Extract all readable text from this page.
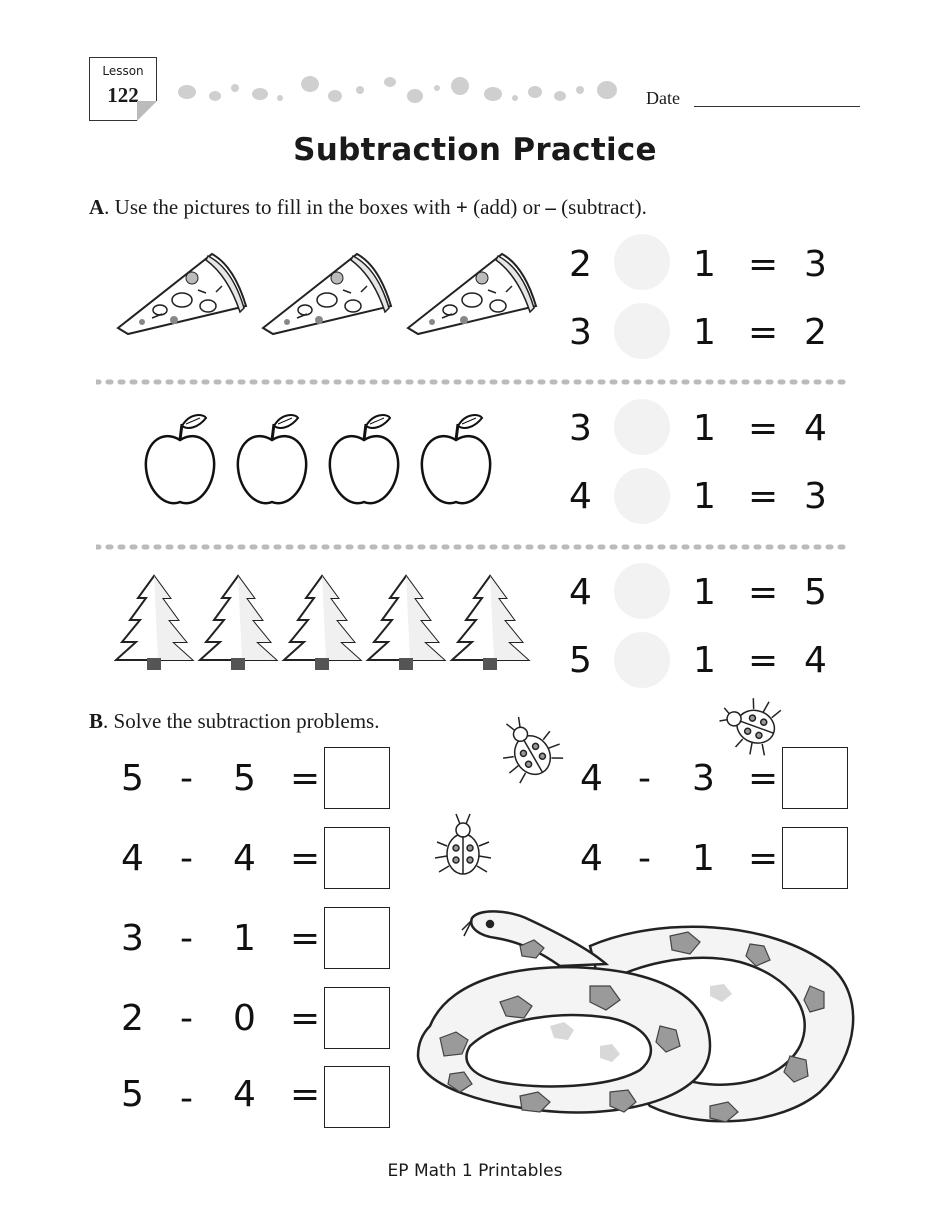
Lesson
122	Date
Subtraction Practice
A. Use the pictures to fill in the boxes with + (add) or – (subtract).
2	1 = 3
3	1 = 2
3	1 = 4
4	1 = 3
4	1 = 5
5	1 = 4
B. Solve the subtraction problems.
5 - 5 =
4 - 4 =
3 - 1 =
2 - 0 =
5 - 4 =
4 - 3 =
4 - 1 =
EP Math 1 Printables
